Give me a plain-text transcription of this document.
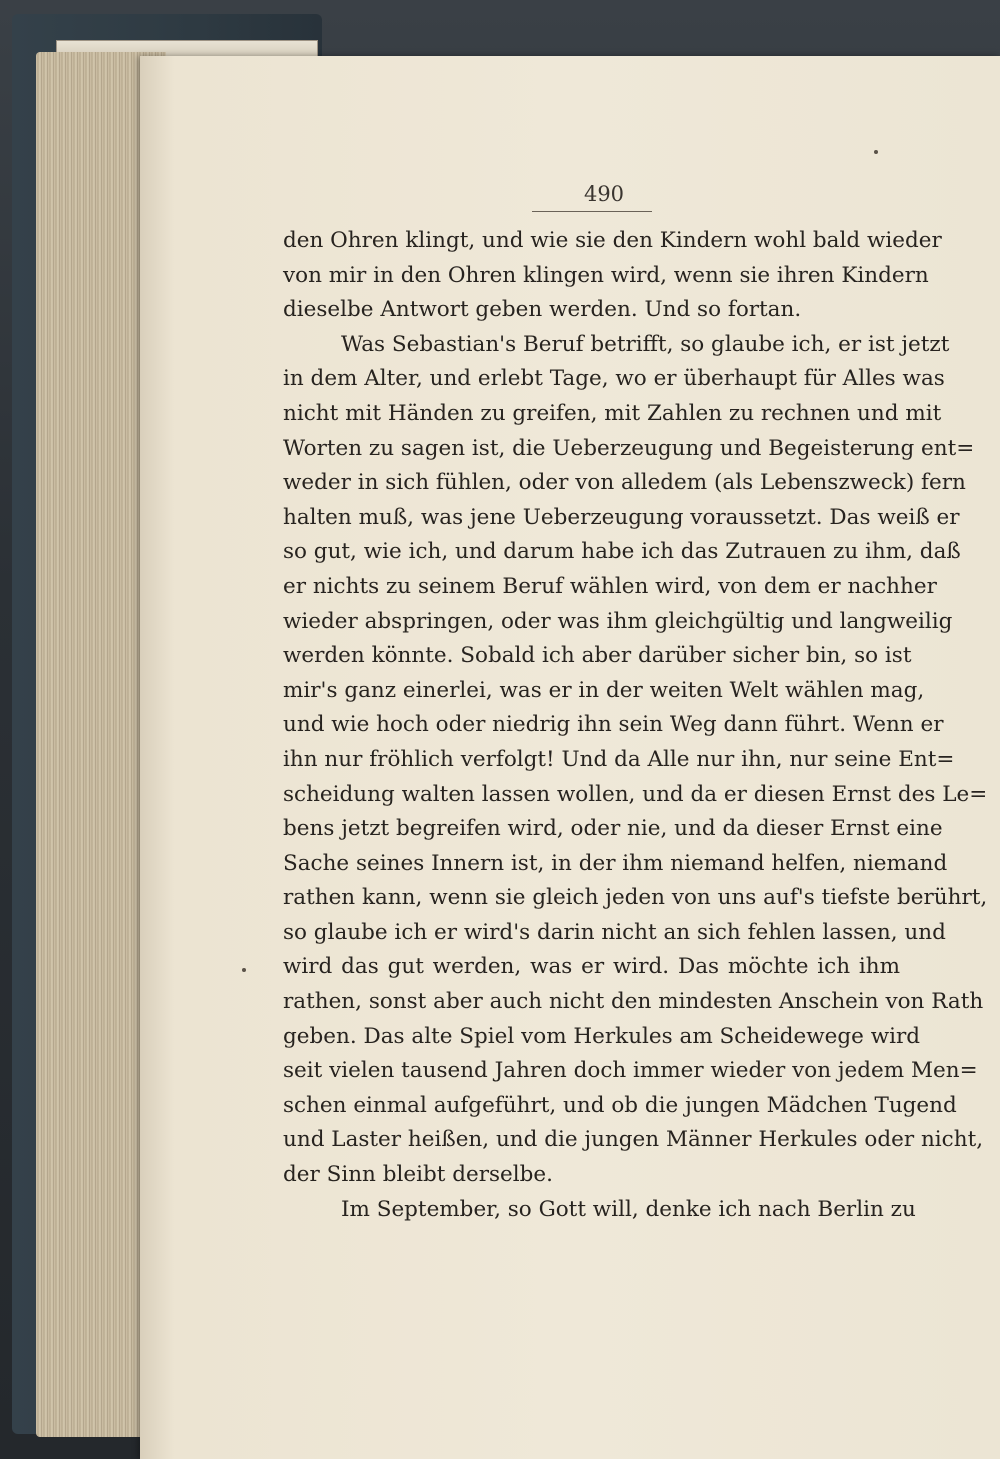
490
den Ohren klingt, und wie sie den Kindern wohl bald wieder
von mir in den Ohren klingen wird, wenn sie ihren Kindern
dieselbe Antwort geben werden. Und so fortan.
Was Sebastian's Beruf betrifft, so glaube ich, er ist jetzt
in dem Alter, und erlebt Tage, wo er überhaupt für Alles was
nicht mit Händen zu greifen, mit Zahlen zu rechnen und mit
Worten zu sagen ist, die Ueberzeugung und Begeisterung ent=
weder in sich fühlen, oder von alledem (als Lebenszweck) fern
halten muß, was jene Ueberzeugung voraussetzt. Das weiß er
so gut, wie ich, und darum habe ich das Zutrauen zu ihm, daß
er nichts zu seinem Beruf wählen wird, von dem er nachher
wieder abspringen, oder was ihm gleichgültig und langweilig
werden könnte. Sobald ich aber darüber sicher bin, so ist
mir's ganz einerlei, was er in der weiten Welt wählen mag,
und wie hoch oder niedrig ihn sein Weg dann führt. Wenn er
ihn nur fröhlich verfolgt! Und da Alle nur ihn, nur seine Ent=
scheidung walten lassen wollen, und da er diesen Ernst des Le=
bens jetzt begreifen wird, oder nie, und da dieser Ernst eine
Sache seines Innern ist, in der ihm niemand helfen, niemand
rathen kann, wenn sie gleich jeden von uns auf's tiefste berührt,
so glaube ich er wird's darin nicht an sich fehlen lassen, und
wird das gut werden, was er wird. Das möchte ich ihm
rathen, sonst aber auch nicht den mindesten Anschein von Rath
geben. Das alte Spiel vom Herkules am Scheidewege wird
seit vielen tausend Jahren doch immer wieder von jedem Men=
schen einmal aufgeführt, und ob die jungen Mädchen Tugend
und Laster heißen, und die jungen Männer Herkules oder nicht,
der Sinn bleibt derselbe.
Im September, so Gott will, denke ich nach Berlin zu
